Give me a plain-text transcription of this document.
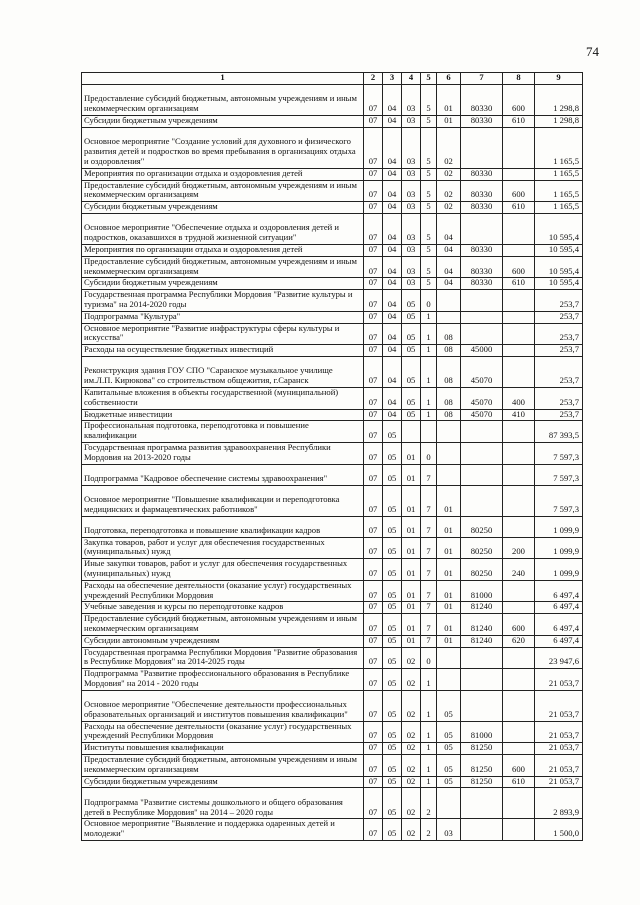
74
1	2	3	4	5	6	7	8	9
Предоставление субсидий бюджетным, автономным учреждениям и иным некоммерческим организациям	07	04	03	5	01	80330	600	1 298,8
Субсидии бюджетным учреждениям	07	04	03	5	01	80330	610	1 298,8
Основное мероприятие "Создание условий для духовного и физического развития детей и подростков во время пребывания в организациях отдыха и оздоровления"	07	04	03	5	02			1 165,5
Мероприятия по организации отдыха и оздоровления детей	07	04	03	5	02	80330		1 165,5
Предоставление субсидий бюджетным, автономным учреждениям и иным некоммерческим организациям	07	04	03	5	02	80330	600	1 165,5
Субсидии бюджетным учреждениям	07	04	03	5	02	80330	610	1 165,5
Основное мероприятие "Обеспечение отдыха и оздоровления детей и подростков, оказавшихся в трудной жизненной ситуации"	07	04	03	5	04			10 595,4
Мероприятия по организации отдыха и оздоровления детей	07	04	03	5	04	80330		10 595,4
Предоставление субсидий бюджетным, автономным учреждениям и иным некоммерческим организациям	07	04	03	5	04	80330	600	10 595,4
Субсидии бюджетным учреждениям	07	04	03	5	04	80330	610	10 595,4
Государственная программа Республики Мордовия "Развитие культуры и туризма" на 2014-2020 годы	07	04	05	0				253,7
Подпрограмма "Культура"	07	04	05	1				253,7
Основное мероприятие "Развитие инфраструктуры сферы культуры и искусства"	07	04	05	1	08			253,7
Расходы на осуществление бюджетных инвестиций	07	04	05	1	08	45000		253,7
Реконструкция здания ГОУ СПО "Саранское музыкальное училище им.Л.П. Кирюкова" со строительством общежития, г.Саранск	07	04	05	1	08	45070		253,7
Капитальные вложения в объекты государственной (муниципальной) собственности	07	04	05	1	08	45070	400	253,7
Бюджетные инвестиции	07	04	05	1	08	45070	410	253,7
Профессиональная подготовка, переподготовка и повышение квалификации	07	05						87 393,5
Государственная программа развития здравоохранения Республики Мордовия на 2013-2020 годы	07	05	01	0				7 597,3
Подпрограмма "Кадровое обеспечение системы здравоохранения"	07	05	01	7				7 597,3
Основное мероприятие "Повышение квалификации и переподготовка медицинских и фармацевтических работников"	07	05	01	7	01			7 597,3
Подготовка, переподготовка и повышение квалификации кадров	07	05	01	7	01	80250		1 099,9
Закупка товаров, работ и услуг для обеспечения государственных (муниципальных) нужд	07	05	01	7	01	80250	200	1 099,9
Иные закупки товаров, работ и услуг для обеспечения государственных (муниципальных) нужд	07	05	01	7	01	80250	240	1 099,9
Расходы на обеспечение деятельности (оказание услуг) государственных учреждений Республики Мордовия	07	05	01	7	01	81000		6 497,4
Учебные заведения и курсы по переподготовке кадров	07	05	01	7	01	81240		6 497,4
Предоставление субсидий бюджетным, автономным учреждениям и иным некоммерческим организациям	07	05	01	7	01	81240	600	6 497,4
Субсидии автономным учреждениям	07	05	01	7	01	81240	620	6 497,4
Государственная программа Республики Мордовия "Развитие образования в Республике Мордовия" на 2014-2025 годы	07	05	02	0				23 947,6
Подпрограмма "Развитие профессионального образования в Республике Мордовия" на 2014 - 2020 годы	07	05	02	1				21 053,7
Основное мероприятие "Обеспечение деятельности профессиональных образовательных организаций и институтов повышения квалификации"	07	05	02	1	05			21 053,7
Расходы на обеспечение деятельности (оказание услуг) государственных учреждений Республики Мордовия	07	05	02	1	05	81000		21 053,7
Институты повышения квалификации	07	05	02	1	05	81250		21 053,7
Предоставление субсидий бюджетным, автономным учреждениям и иным некоммерческим организациям	07	05	02	1	05	81250	600	21 053,7
Субсидии бюджетным учреждениям	07	05	02	1	05	81250	610	21 053,7
Подпрограмма "Развитие системы дошкольного и общего образования детей в Республике Мордовия" на 2014 – 2020 годы	07	05	02	2				2 893,9
Основное мероприятие "Выявление и поддержка одаренных детей и молодежи"	07	05	02	2	03			1 500,0
